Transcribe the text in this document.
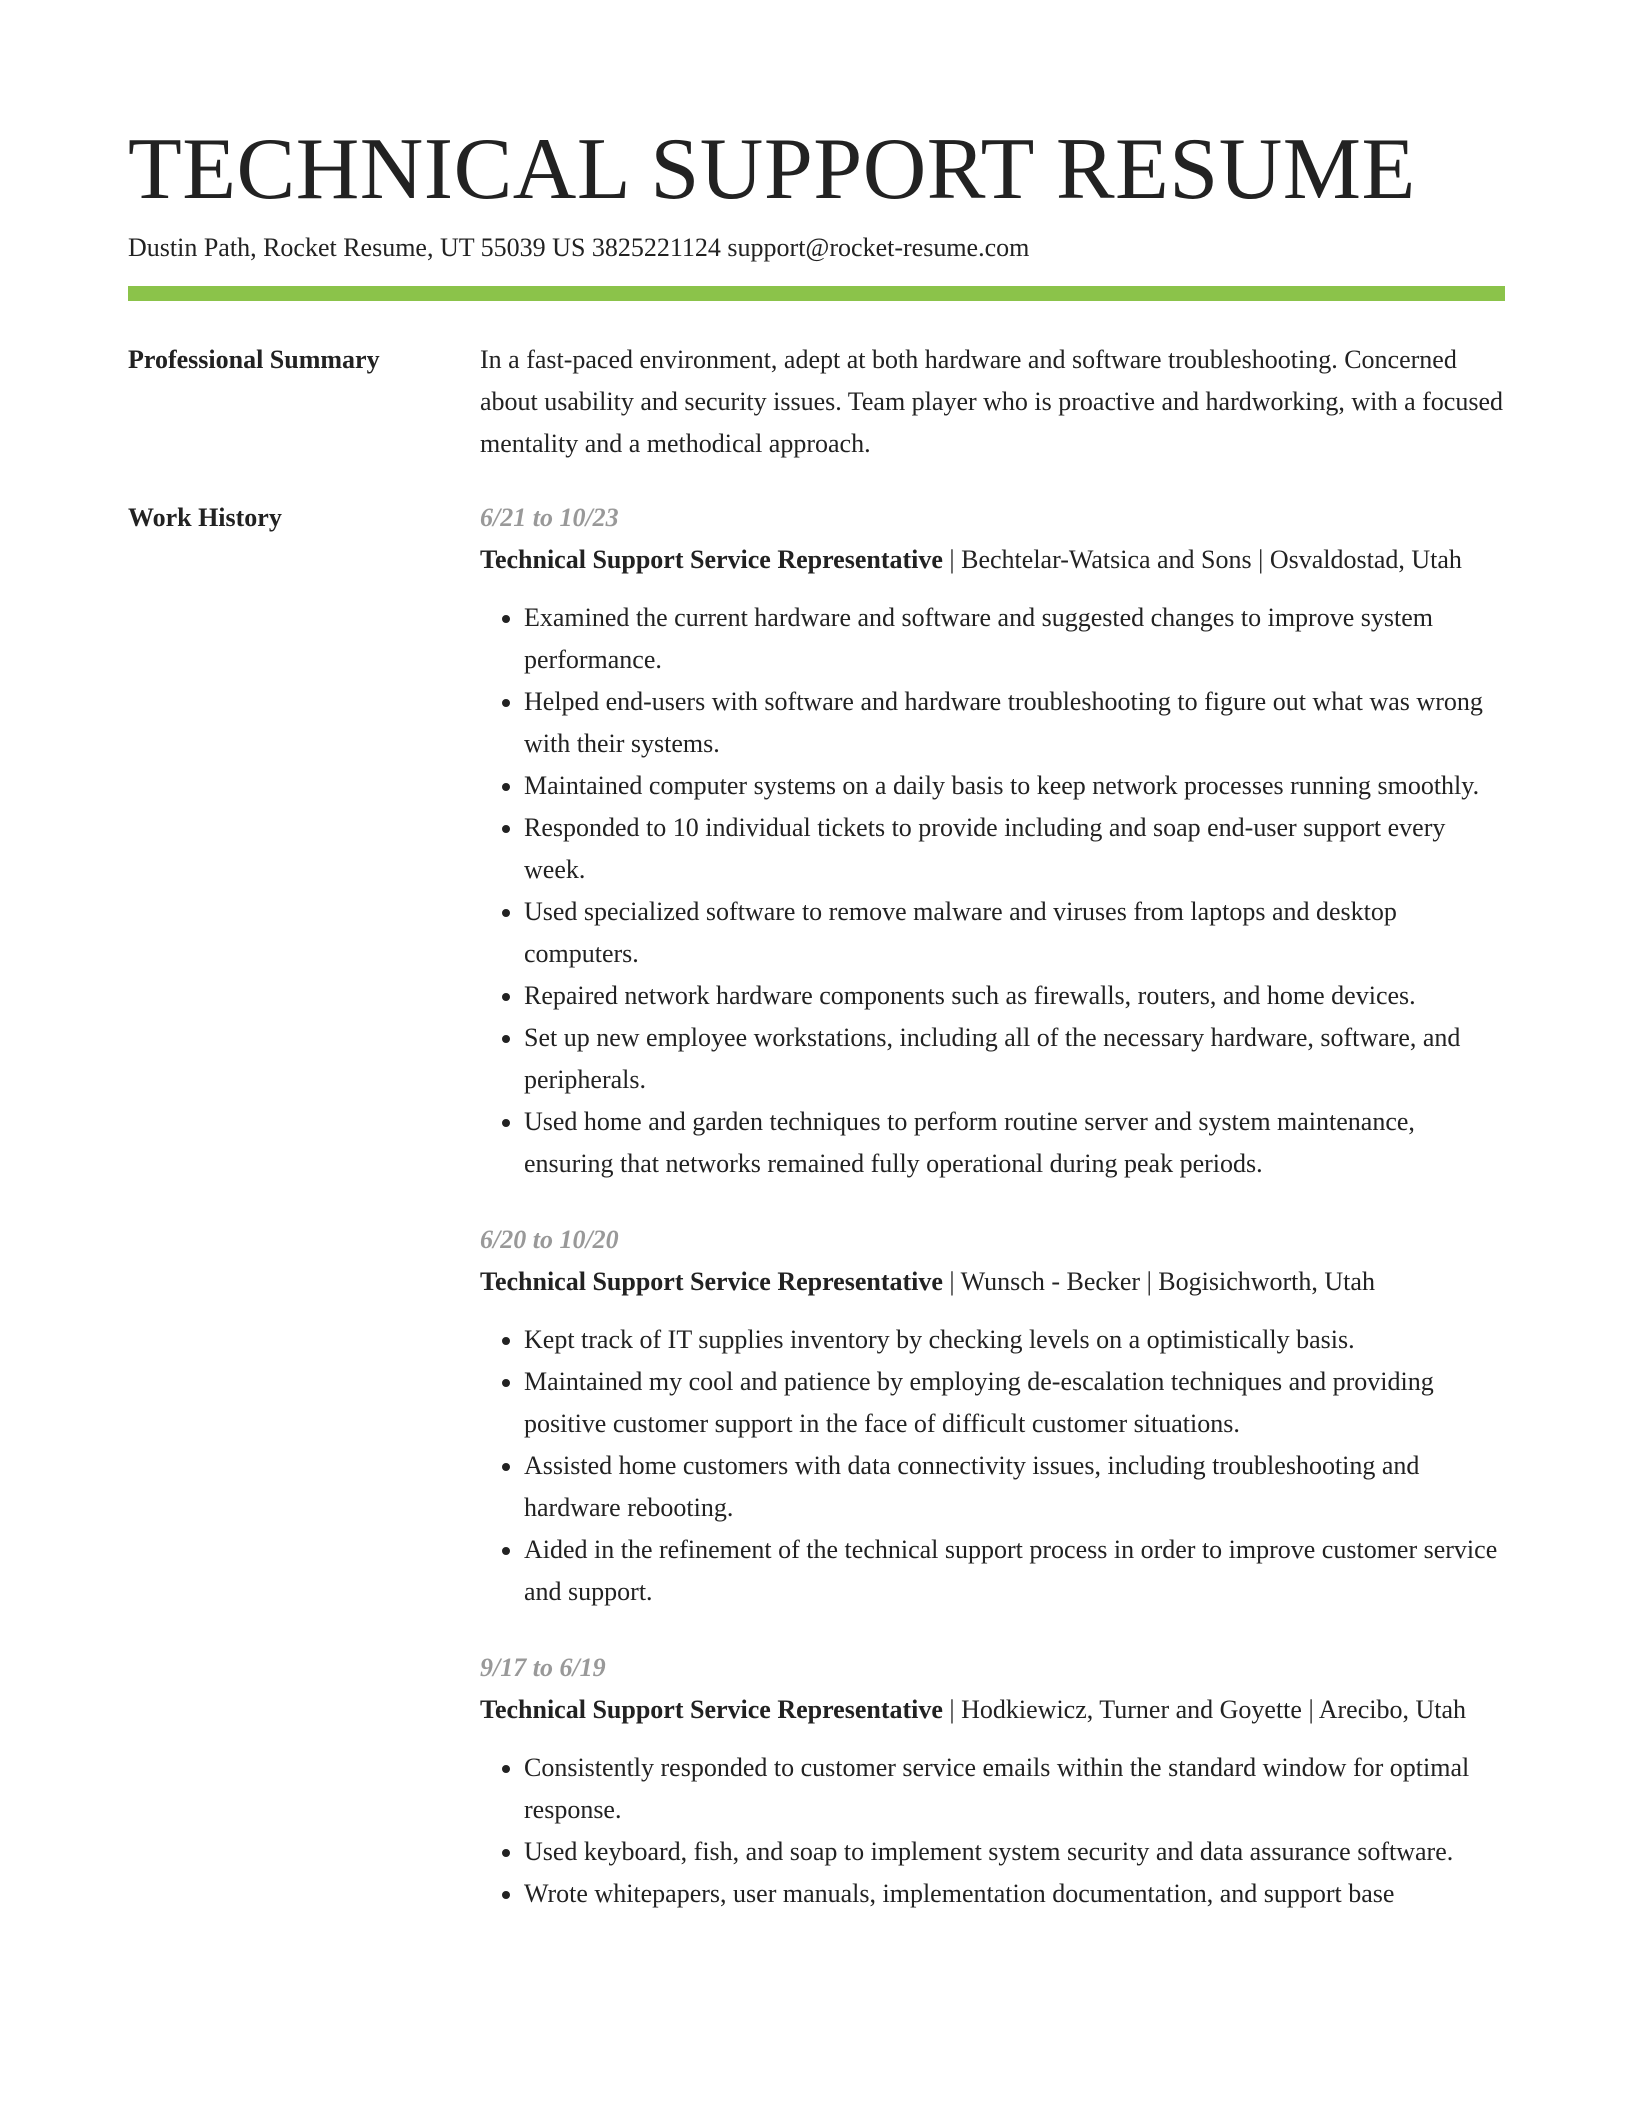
TECHNICAL SUPPORT RESUME
Dustin Path, Rocket Resume, UT 55039 US 3825221124 support@rocket-resume.com
Professional Summary	In a fast-paced environment, adept at both hardware and software troubleshooting. Concerned about usability and security issues. Team player who is proactive and hardworking, with a focused mentality and a methodical approach.

Work History	6/21 to 10/23
Technical Support Service Representative | Bechtelar-Watsica and Sons | Osvaldostad, Utah
• Examined the current hardware and software and suggested changes to improve system performance.
• Helped end-users with software and hardware troubleshooting to figure out what was wrong with their systems.
• Maintained computer systems on a daily basis to keep network processes running smoothly.
• Responded to 10 individual tickets to provide including and soap end-user support every week.
• Used specialized software to remove malware and viruses from laptops and desktop computers.
• Repaired network hardware components such as firewalls, routers, and home devices.
• Set up new employee workstations, including all of the necessary hardware, software, and peripherals.
• Used home and garden techniques to perform routine server and system maintenance, ensuring that networks remained fully operational during peak periods.
6/20 to 10/20
Technical Support Service Representative | Wunsch - Becker | Bogisichworth, Utah
• Kept track of IT supplies inventory by checking levels on a optimistically basis.
• Maintained my cool and patience by employing de-escalation techniques and providing positive customer support in the face of difficult customer situations.
• Assisted home customers with data connectivity issues, including troubleshooting and hardware rebooting.
• Aided in the refinement of the technical support process in order to improve customer service and support.
9/17 to 6/19
Technical Support Service Representative | Hodkiewicz, Turner and Goyette | Arecibo, Utah
• Consistently responded to customer service emails within the standard window for optimal response.
• Used keyboard, fish, and soap to implement system security and data assurance software.
• Wrote whitepapers, user manuals, implementation documentation, and support base
